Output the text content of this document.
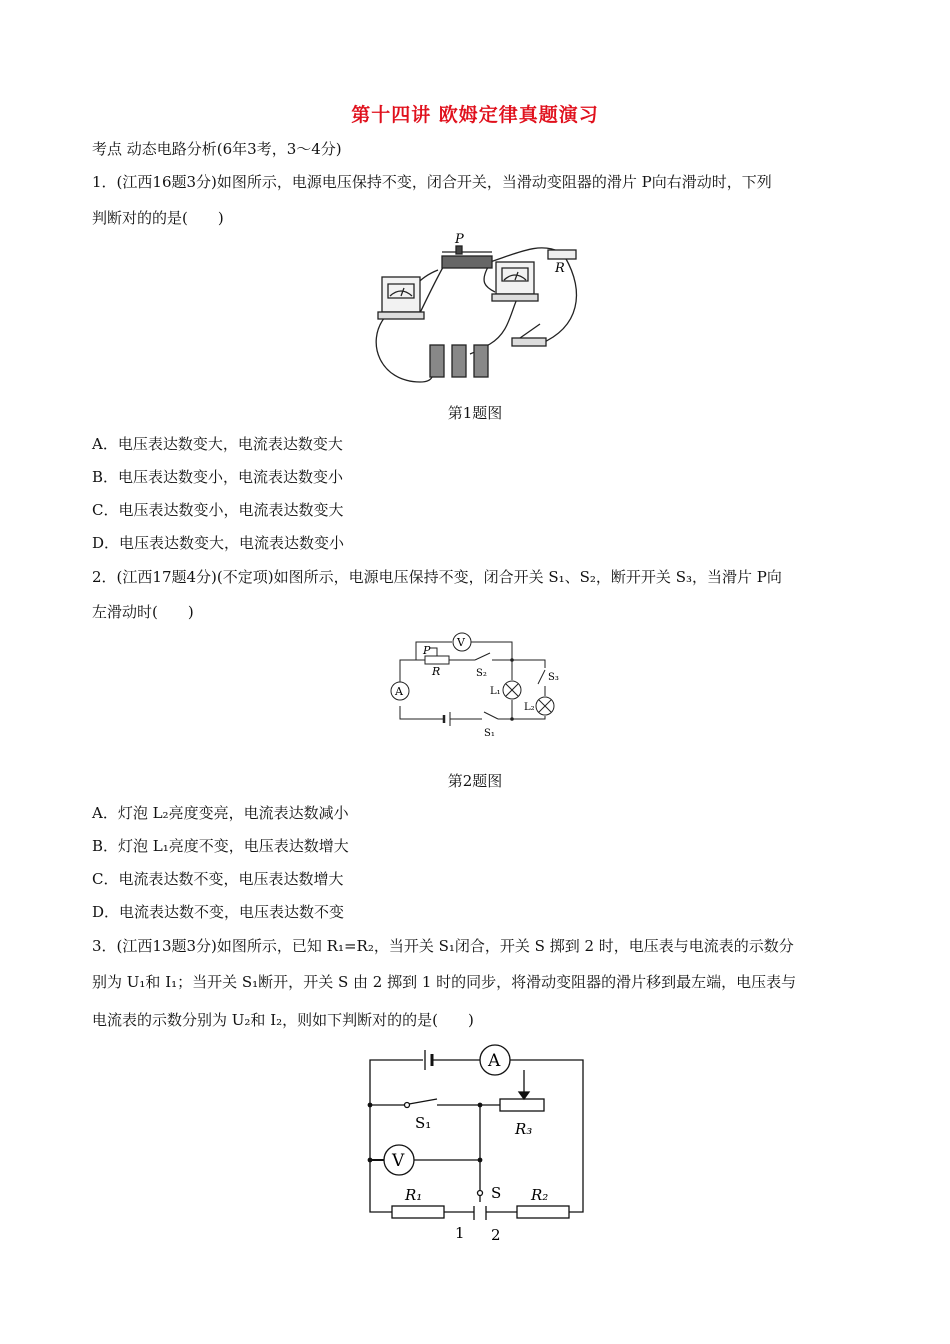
第十四讲 欧姆定律真题演习
考点 动态电路分析(6年3考，3～4分)
1．(江西16题3分)如图所示，电源电压保持不变，闭合开关，当滑动变阻器的滑片 P向右滑动时，下列
判断对的的是(　　)
P
R
第1题图
A．电压表达数变大，电流表达数变大
B．电压表达数变小，电流表达数变小
C．电压表达数变小，电流表达数变大
D．电压表达数变大，电流表达数变小
2．(江西17题4分)(不定项)如图所示，电源电压保持不变，闭合开关 S₁、S₂，断开开关 S₃，当滑片 P向
左滑动时(　　)
P
R
V
A
S₂
S₁
S₃
L₁
L₂
第2题图
A．灯泡 L₂亮度变亮，电流表达数减小
B．灯泡 L₁亮度不变，电压表达数增大
C．电流表达数不变，电压表达数增大
D．电流表达数不变，电压表达数不变
3．(江西13题3分)如图所示，已知 R₁=R₂，当开关 S₁闭合，开关 S 掷到 2 时，电压表与电流表的示数分
别为 U₁和 I₁；当开关 S₁断开，开关 S 由 2 掷到 1 时的同步，将滑动变阻器的滑片移到最左端，电压表与
电流表的示数分别为 U₂和 I₂，则如下判断对的的是(　　)
A
V
S₁	R₃
R₁	R₂
S
1 2
